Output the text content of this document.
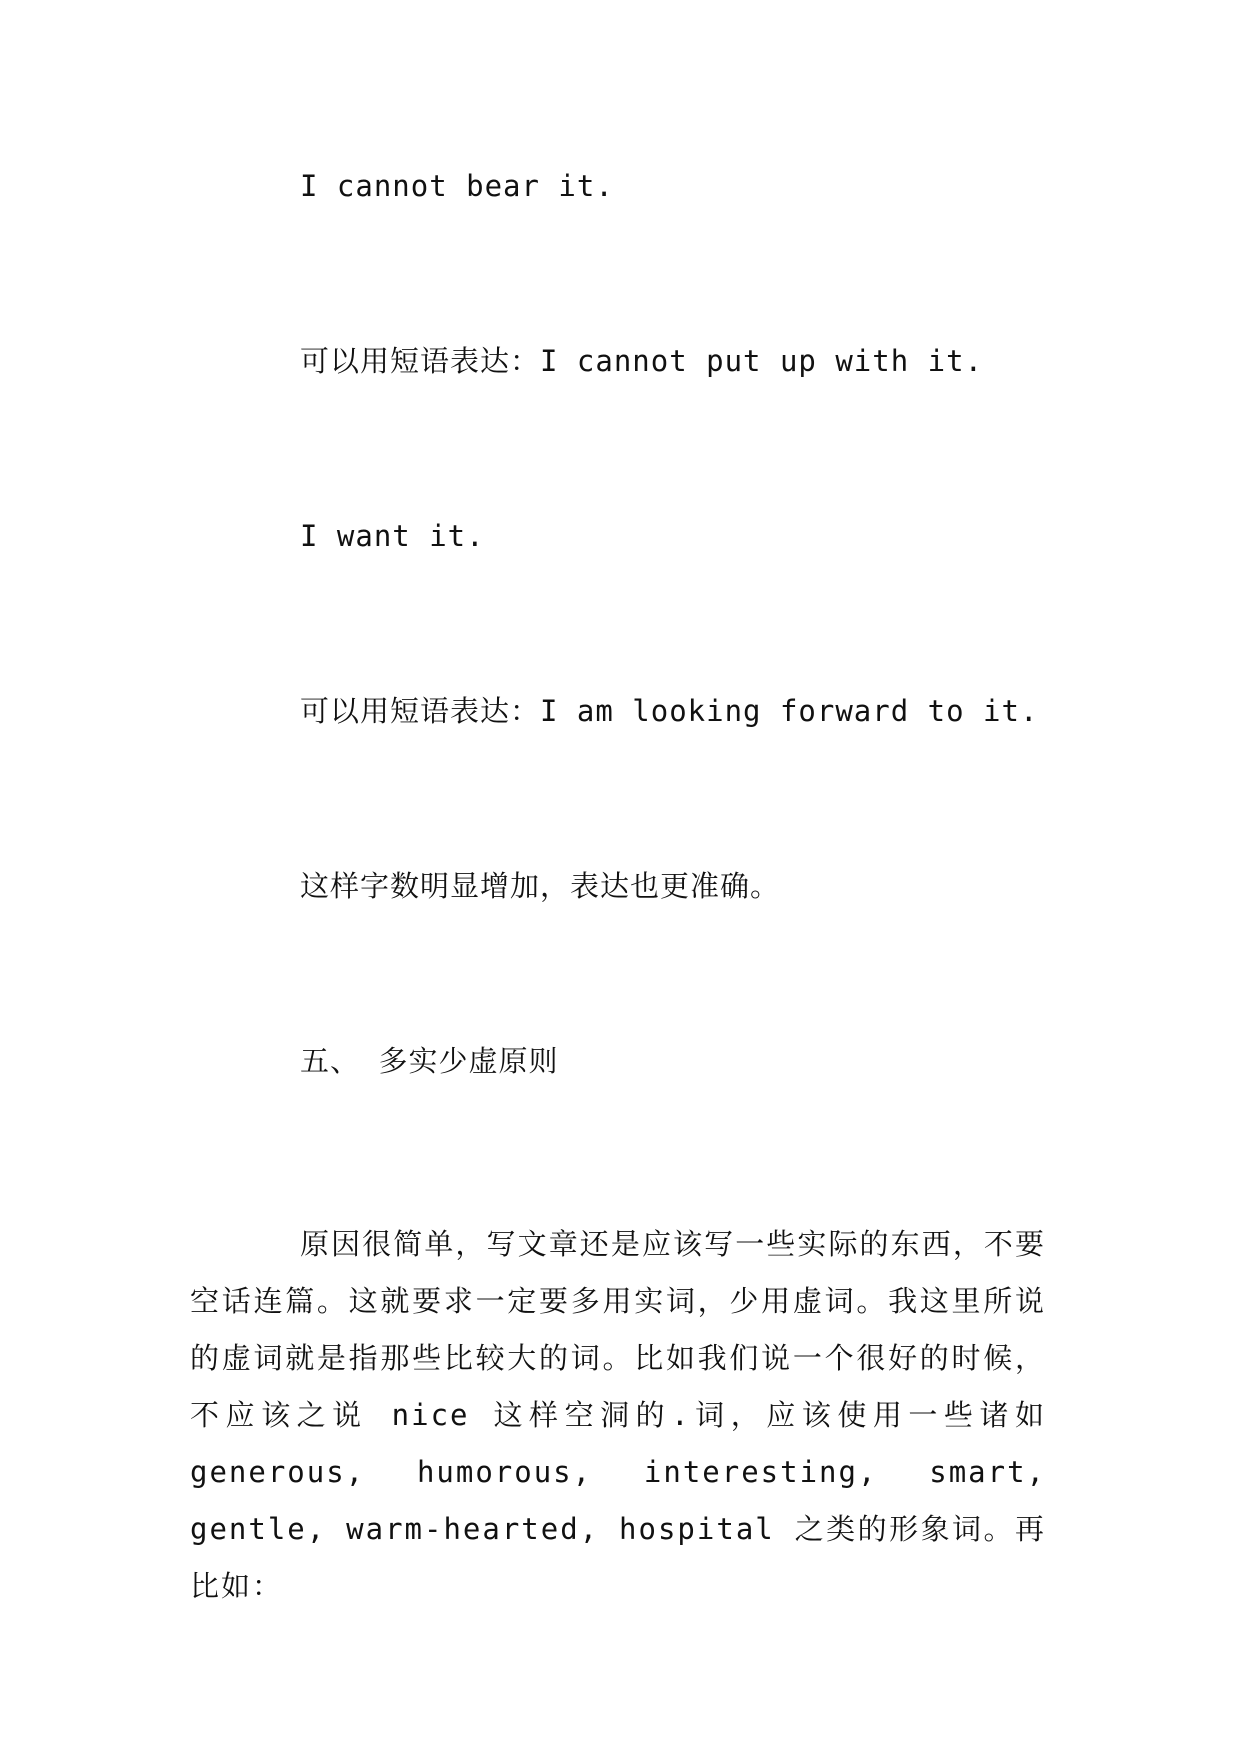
I cannot bear it.
可以用短语表达：I cannot put up with it.
I want it.
可以用短语表达：I am looking forward to it.
这样字数明显增加，表达也更准确。
五、 多实少虚原则
原因很简单，写文章还是应该写一些实际的东西，不要空话连篇。这就要求一定要多用实词，少用虚词。我这里所说的虚词就是指那些比较大的词。比如我们说一个很好的时候，不应该之说 nice 这样空洞的.词，应该使用一些诸如 generous, humorous, interesting, smart, gentle, warm-hearted, hospital 之类的形象词。再比如：
